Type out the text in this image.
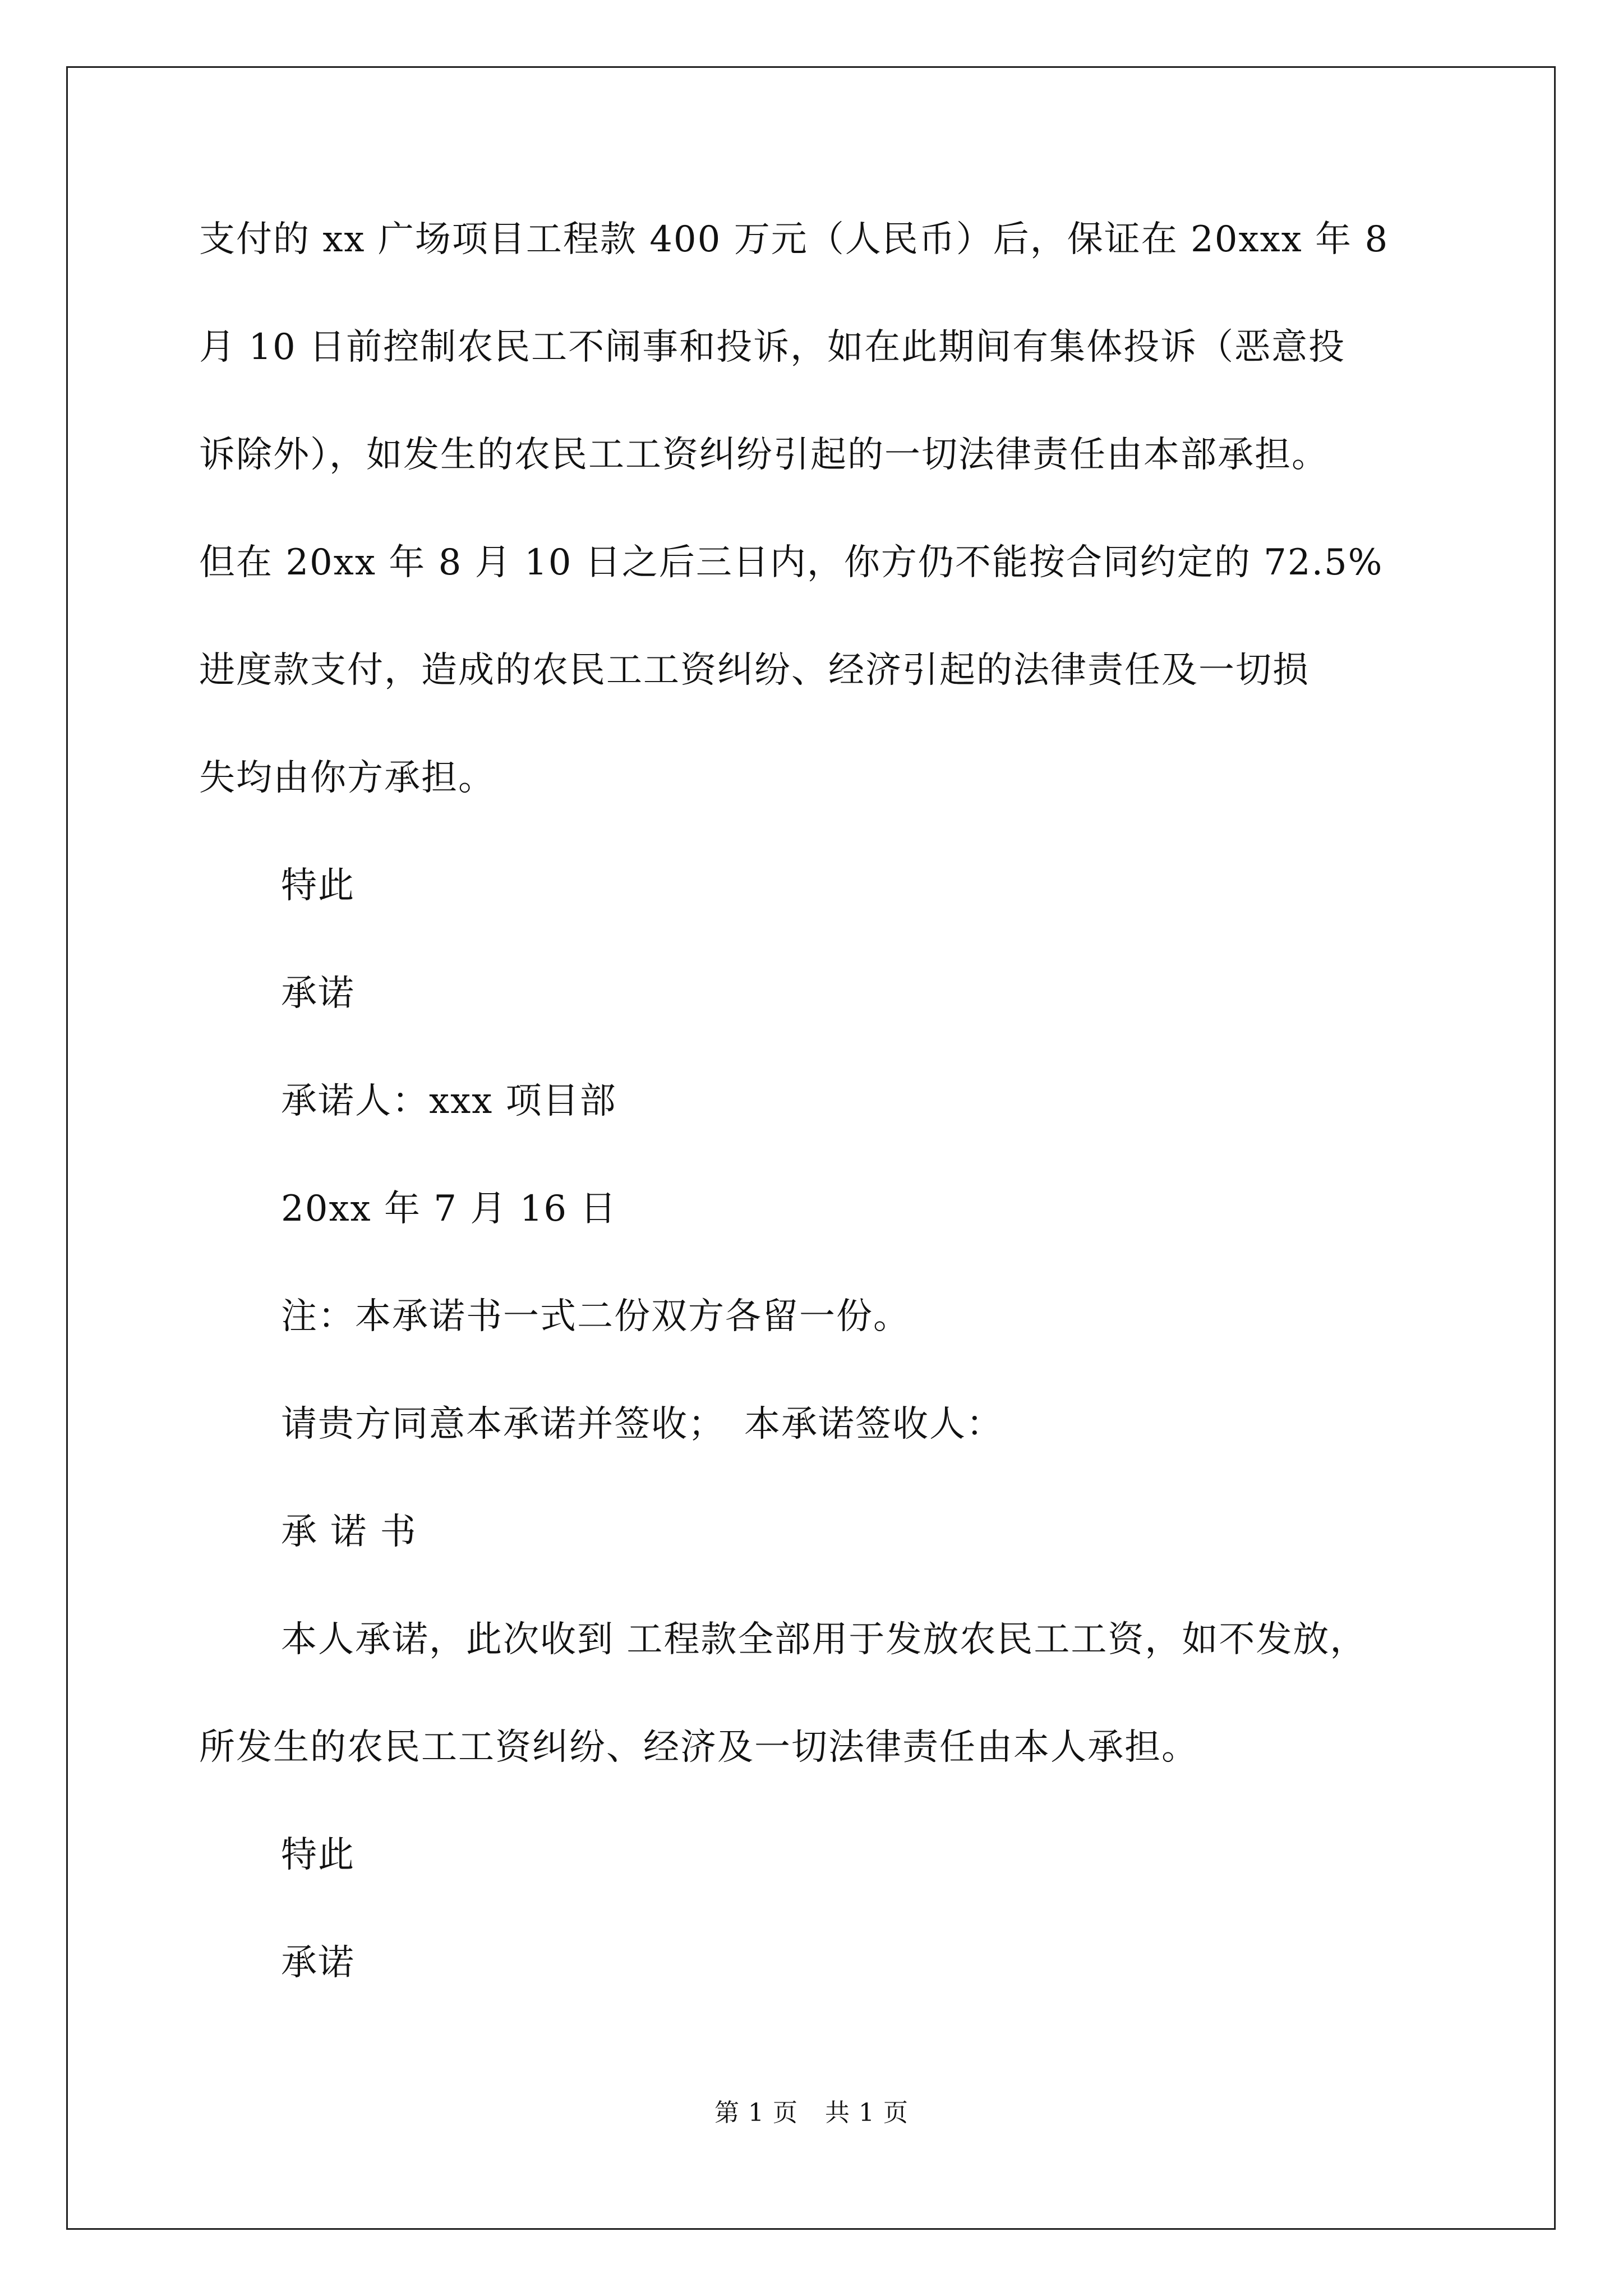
支付的 xx 广场项目工程款 400 万元（人民币）后，保证在 20xxx 年 8
月 10 日前控制农民工不闹事和投诉，如在此期间有集体投诉（恶意投
诉除外），如发生的农民工工资纠纷引起的一切法律责任由本部承担。
但在 20xx 年 8 月 10 日之后三日内，你方仍不能按合同约定的 72.5%
进度款支付，造成的农民工工资纠纷、经济引起的法律责任及一切损
失均由你方承担。
特此
承诺
承诺人：xxx 项目部
20xx 年 7 月 16 日
注：本承诺书一式二份双方各留一份。
请贵方同意本承诺并签收；　本承诺签收人：
承 诺 书
本人承诺，此次收到 工程款全部用于发放农民工工资，如不发放，
所发生的农民工工资纠纷、经济及一切法律责任由本人承担。
特此
承诺
第 1 页 共 1 页
